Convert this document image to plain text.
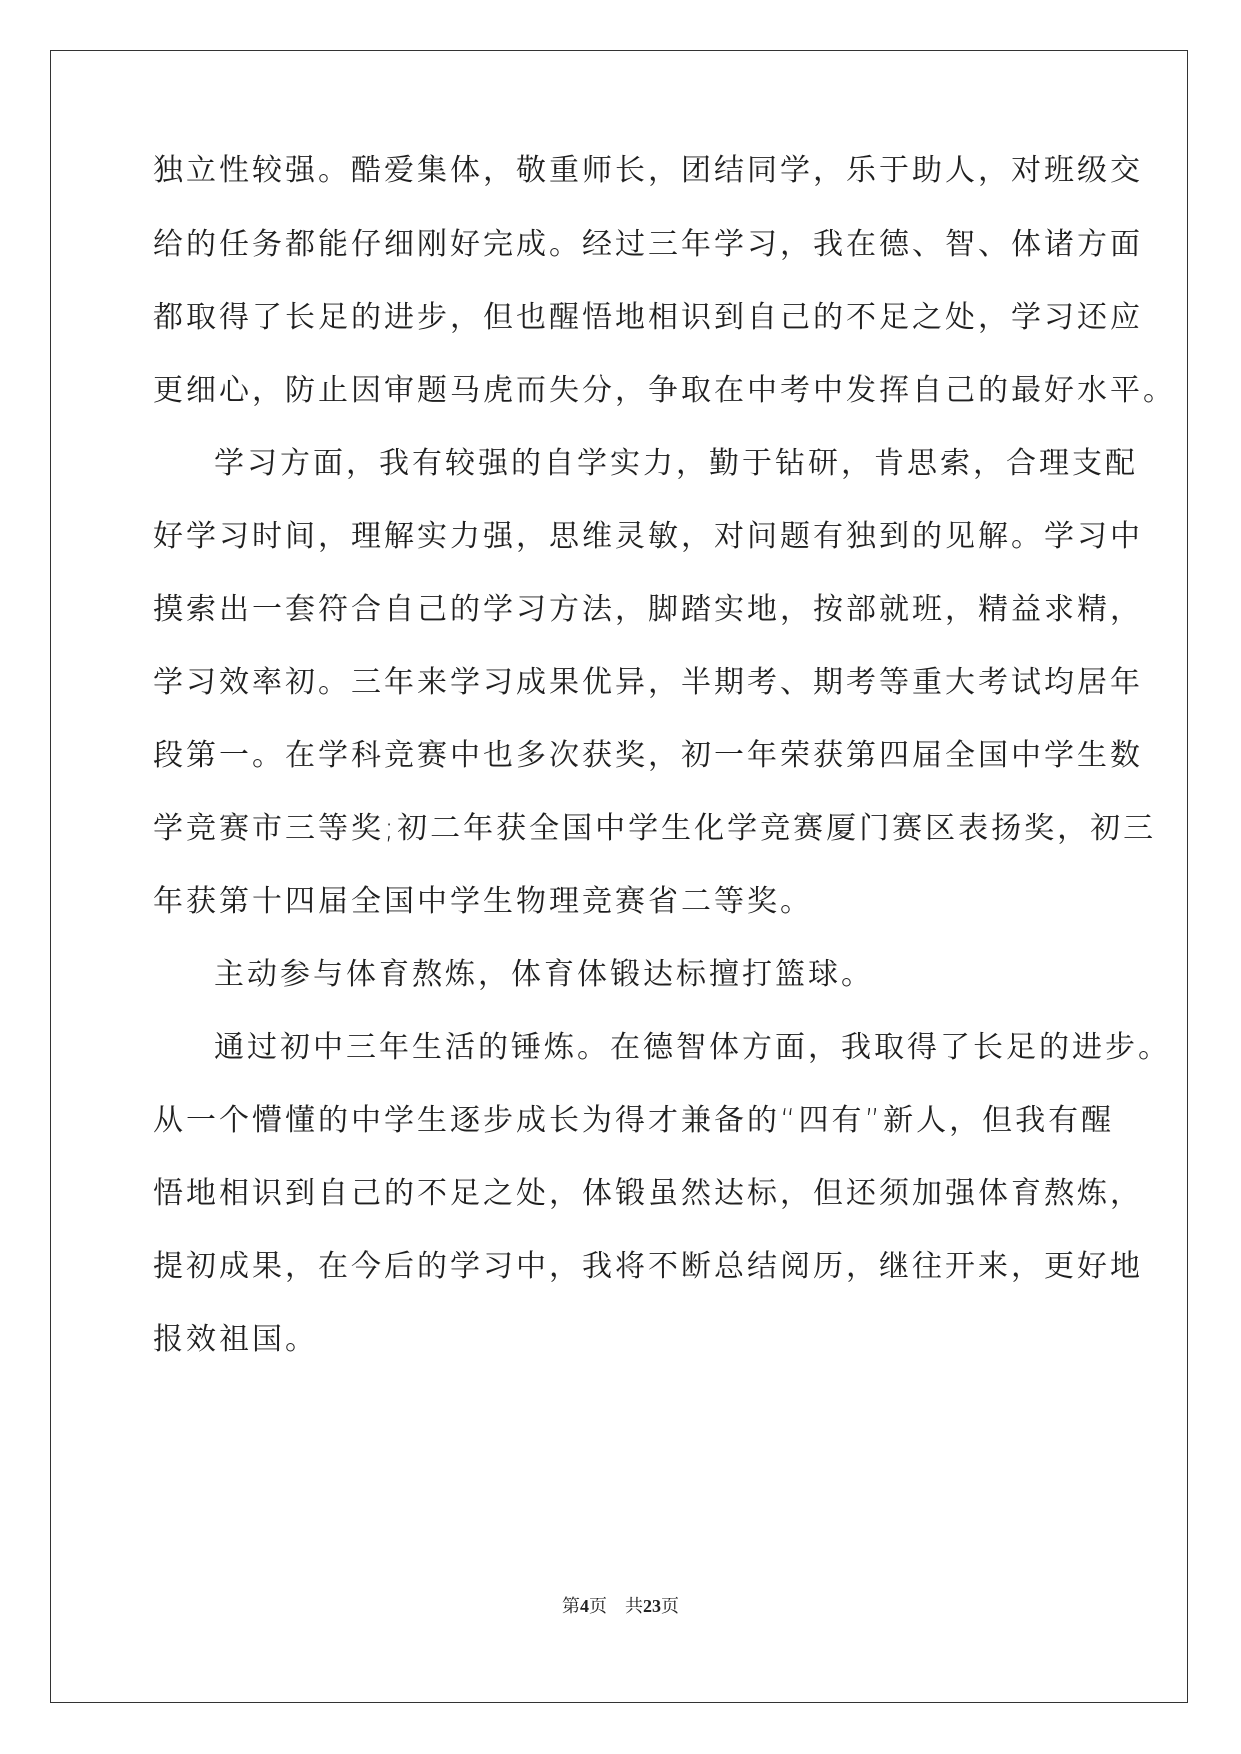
独立性较强。酷爱集体，敬重师长，团结同学，乐于助人，对班级交
给的任务都能仔细刚好完成。经过三年学习，我在德、智、体诸方面
都取得了长足的进步，但也醒悟地相识到自己的不足之处，学习还应
更细心，防止因审题马虎而失分，争取在中考中发挥自己的最好水平。
学习方面，我有较强的自学实力，勤于钻研，肯思索，合理支配
好学习时间，理解实力强，思维灵敏，对问题有独到的见解。学习中
摸索出一套符合自己的学习方法，脚踏实地，按部就班，精益求精，
学习效率初。三年来学习成果优异，半期考、期考等重大考试均居年
段第一。在学科竞赛中也多次获奖，初一年荣获第四届全国中学生数
学竞赛市三等奖;初二年获全国中学生化学竞赛厦门赛区表扬奖，初三
年获第十四届全国中学生物理竞赛省二等奖。
主动参与体育熬炼，体育体锻达标擅打篮球。
通过初中三年生活的锤炼。在德智体方面，我取得了长足的进步。
从一个懵懂的中学生逐步成长为得才兼备的“四有”新人，但我有醒
悟地相识到自己的不足之处，体锻虽然达标，但还须加强体育熬炼，
提初成果，在今后的学习中，我将不断总结阅历，继往开来，更好地
报效祖国。
第4页 共23页
